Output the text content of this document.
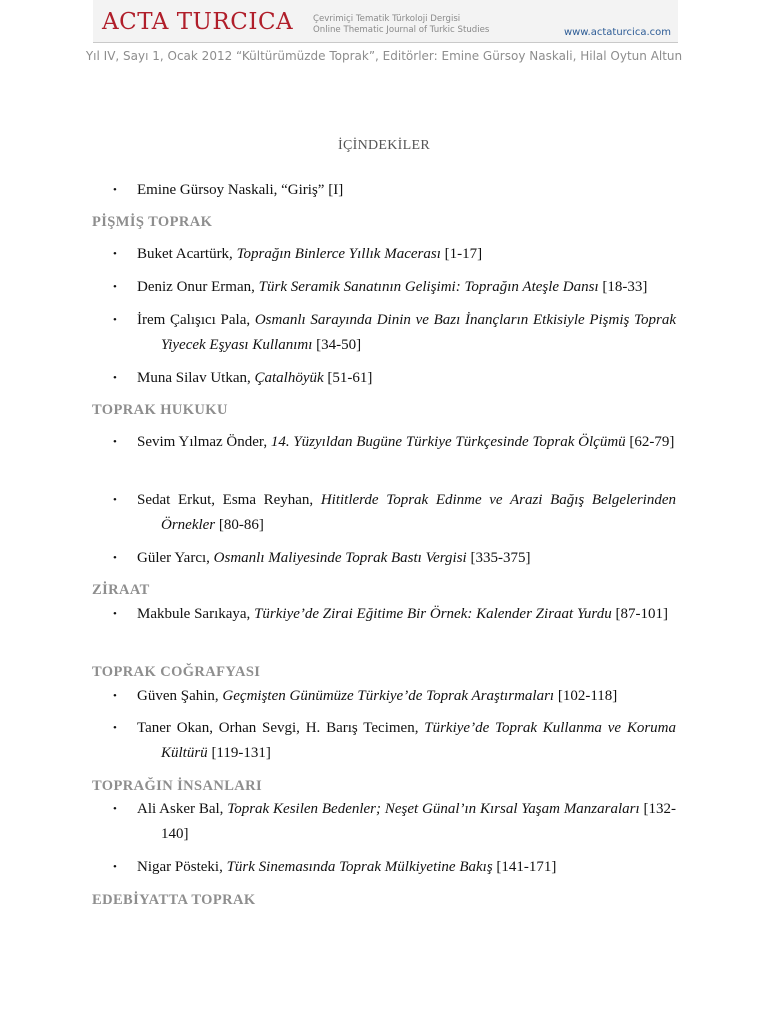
ACTA TURCICA Çevrimiçi Tematik Türkoloji Dergisi
Online Thematic Journal of Turkic Studies	www.actaturcica.com
Yıl IV, Sayı 1, Ocak 2012 “Kültürümüzde Toprak”, Editörler: Emine Gürsoy Naskali, Hilal Oytun Altun
İÇİNDEKİLER
• Emine Gürsoy Naskali, “Giriş” [I]
PİŞMİŞ TOPRAK
• Buket Acartürk, Toprağın Binlerce Yıllık Macerası [1-17]
• Deniz Onur Erman, Türk Seramik Sanatının Gelişimi: Toprağın Ateşle Dansı [18-33]
• İrem Çalışıcı Pala, Osmanlı Sarayında Dinin ve Bazı İnançların Etkisiyle Pişmiş Toprak Yiyecek Eşyası Kullanımı [34-50]
• Muna Silav Utkan, Çatalhöyük [51-61]
TOPRAK HUKUKU
• Sevim Yılmaz Önder, 14. Yüzyıldan Bugüne Türkiye Türkçesinde Toprak Ölçümü [62-79]
• Sedat Erkut, Esma Reyhan, Hititlerde Toprak Edinme ve Arazi Bağış Belgelerinden Örnekler [80-86]
• Güler Yarcı, Osmanlı Maliyesinde Toprak Bastı Vergisi [335-375]
ZİRAAT
• Makbule Sarıkaya, Türkiye’de Zirai Eğitime Bir Örnek: Kalender Ziraat Yurdu [87-101]
TOPRAK COĞRAFYASI
• Güven Şahin, Geçmişten Günümüze Türkiye’de Toprak Araştırmaları [102-118]
• Taner Okan, Orhan Sevgi, H. Barış Tecimen, Türkiye’de Toprak Kullanma ve Koruma Kültürü [119-131]
TOPRAĞIN İNSANLARI
• Ali Asker Bal, Toprak Kesilen Bedenler; Neşet Günal’ın Kırsal Yaşam Manzaraları [132-140]
• Nigar Pösteki, Türk Sinemasında Toprak Mülkiyetine Bakış [141-171]
EDEBİYATTA TOPRAK
